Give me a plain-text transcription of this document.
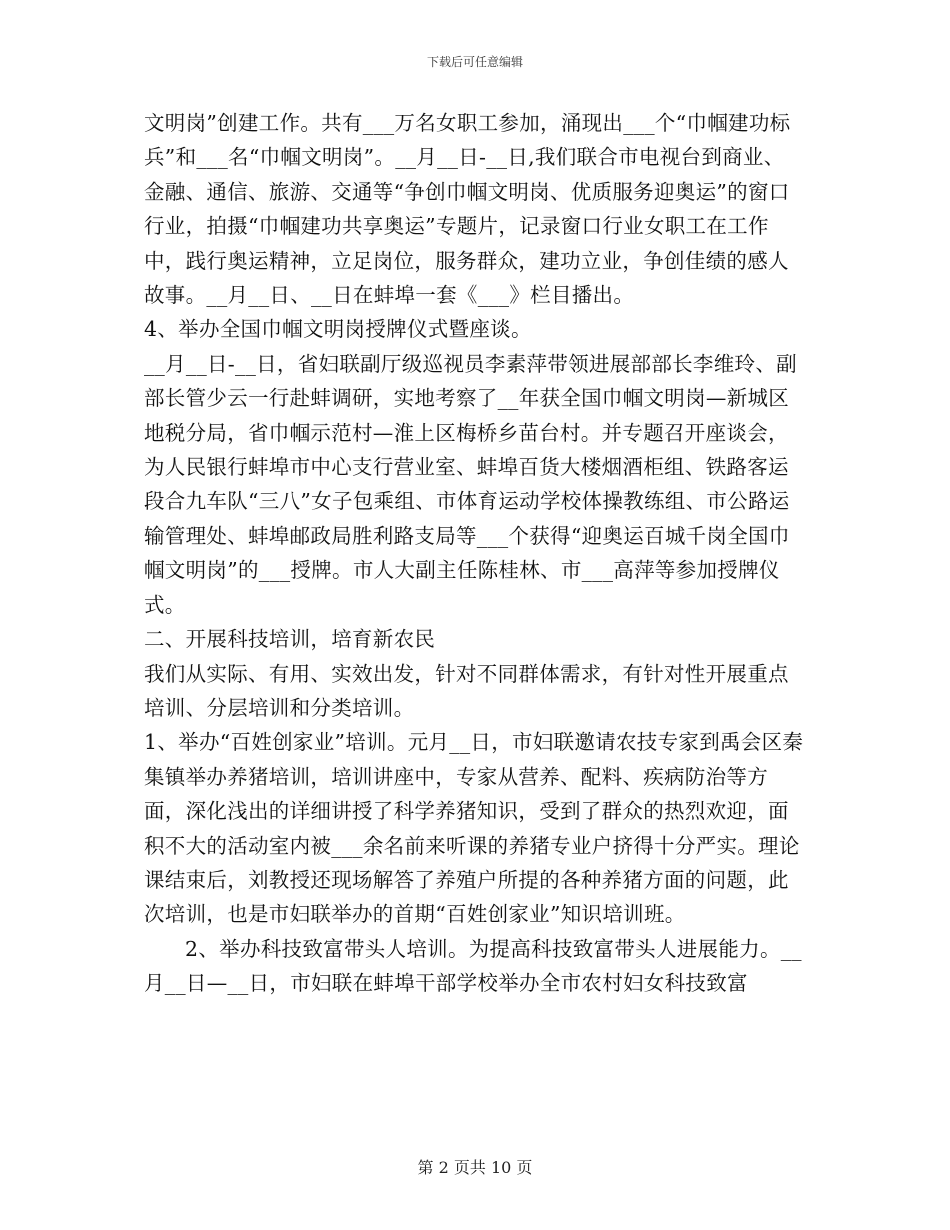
下载后可任意编辑

文明岗”创建工作。共有___万名女职工参加，涌现出___个“巾帼建功标兵”和___名“巾帼文明岗”。__月__日-__日,我们联合市电视台到商业、金融、通信、旅游、交通等“争创巾帼文明岗、优质服务迎奥运”的窗口行业，拍摄“巾帼建功共享奥运”专题片，记录窗口行业女职工在工作中，践行奥运精神，立足岗位，服务群众，建功立业，争创佳绩的感人故事。__月__日、__日在蚌埠一套《___》栏目播出。

4、举办全国巾帼文明岗授牌仪式暨座谈。

__月__日-__日，省妇联副厅级巡视员李素萍带领进展部部长李维玲、副部长管少云一行赴蚌调研，实地考察了__年获全国巾帼文明岗—新城区地税分局，省巾帼示范村—淮上区梅桥乡苗台村。并专题召开座谈会，为人民银行蚌埠市中心支行营业室、蚌埠百货大楼烟酒柜组、铁路客运段合九车队“三八”女子包乘组、市体育运动学校体操教练组、市公路运输管理处、蚌埠邮政局胜利路支局等___个获得“迎奥运百城千岗全国巾帼文明岗”的___授牌。市人大副主任陈桂林、市___高萍等参加授牌仪式。

二、开展科技培训，培育新农民

我们从实际、有用、实效出发，针对不同群体需求，有针对性开展重点培训、分层培训和分类培训。

1、举办“百姓创家业”培训。元月__日，市妇联邀请农技专家到禹会区秦集镇举办养猪培训，培训讲座中，专家从营养、配料、疾病防治等方面，深化浅出的详细讲授了科学养猪知识，受到了群众的热烈欢迎，面积不大的活动室内被___余名前来听课的养猪专业户挤得十分严实。理论课结束后，刘教授还现场解答了养殖户所提的各种养猪方面的问题，此次培训，也是市妇联举办的首期“百姓创家业”知识培训班。

2、举办科技致富带头人培训。为提高科技致富带头人进展能力。__月__日—__日，市妇联在蚌埠干部学校举办全市农村妇女科技致富

第 2 页共 10 页
